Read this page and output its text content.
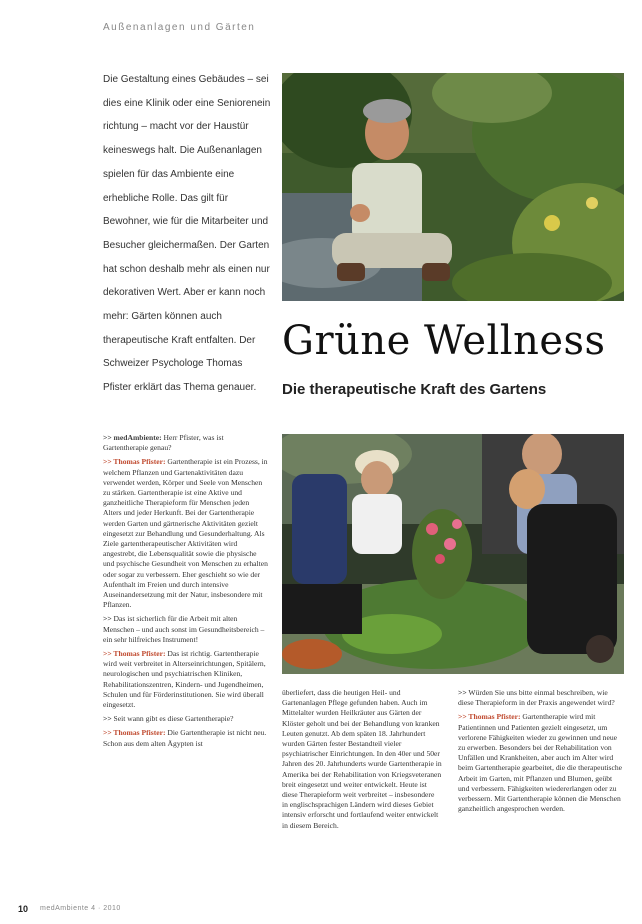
Außenanlagen und Gärten

Die Gestaltung eines Gebäudes – sei dies eine Klinik oder eine Seniorenein richtung – macht vor der Haustür keineswegs halt. Die Außenanlagen spielen für das Ambiente eine erhebliche Rolle. Das gilt für Bewohner, wie für die Mitarbeiter und Besucher gleichermaßen. Der Garten hat schon deshalb mehr als einen nur dekorativen Wert. Aber er kann noch mehr: Gärten können auch therapeutische Kraft entfalten. Der Schweizer Psychologe Thomas Pfister erklärt das Thema genauer.

Grüne Wellness
Die therapeutische Kraft des Gartens

>> medAmbiente: Herr Pfister, was ist Gartentherapie genau?

>> Thomas Pfister: Gartentherapie ist ein Prozess, in welchem Pflanzen und Gartenaktivitäten dazu verwendet werden, Körper und Seele von Menschen zu stärken. Gartentherapie ist eine Aktive und ganzheitliche Therapieform für Menschen jeden Alters und jeder Herkunft. Bei der Gartentherapie werden Garten und gärtnerische Aktivitäten gezielt eingesetzt zur Behandlung und Gesunderhaltung. Als Ziele gartentherapeutischer Aktivitäten wird angestrebt, die Lebensqualität sowie die physische und psychische Gesundheit von Menschen zu erhalten oder sogar zu verbessern. Eher geschieht so wie der Aufenthalt im Freien und durch intensive Auseinandersetzung mit der Natur, insbesondere mit Pflanzen.

>> Das ist sicherlich für die Arbeit mit alten Menschen – und auch sonst im Gesundheitsbereich – ein sehr hilfreiches Instrument!

>> Thomas Pfister: Das ist richtig. Gartentherapie wird weit verbreitet in Alterseinrichtungen, Spitälern, neurologischen und psychiatrischen Kliniken, Rehabilitationszentren, Kindern- und Jugendheimen, Schulen und für Förderinstitutionen. Sie wird überall eingesetzt.

>> Seit wann gibt es diese Gartentherapie?

>> Thomas Pfister: Die Gartentherapie ist nicht neu. Schon aus dem alten Ägypten ist

überliefert, dass die heutigen Heil- und Gartenanlagen Pflege gefunden haben. Auch im Mittelalter wurden Heilkräuter aus Gärten der Klöster geholt und bei der Behandlung von kranken Leuten genutzt. Ab dem späten 18. Jahrhundert wurden Gärten fester Bestandteil vieler psychiatrischer Einrichtungen. In den 40er und 50er Jahren des 20. Jahrhunderts wurde Gartentherapie in Amerika bei der Rehabilitation von Kriegsveteranen breit eingesetzt und weiter entwickelt. Heute ist diese Therapieform weit verbreitet – insbesondere in englischsprachigen Ländern wird dieses Gebiet intensiv erforscht und fortlaufend weiter entwickelt in diesem Bereich.

>> Würden Sie uns bitte einmal beschreiben, wie diese Therapieform in der Praxis angewendet wird?

>> Thomas Pfister: Gartentherapie wird mit Patientinnen und Patienten gezielt eingesetzt, um verlorene Fähigkeiten wieder zu gewinnen und neue zu erwerben. Besonders bei der Rehabilitation von Unfällen und Krankheiten, aber auch im Alter wird beim Gartentherapie gearbeitet, die die therapeutische Arbeit im Garten, mit Pflanzen und Blumen, geübt und verbessern. Fähigkeiten wiedererlangen oder zu verbessern. Mit Gartentherapie können die Menschen ganzheitlich angesprochen werden.

10 medAmbiente 4 · 2010
